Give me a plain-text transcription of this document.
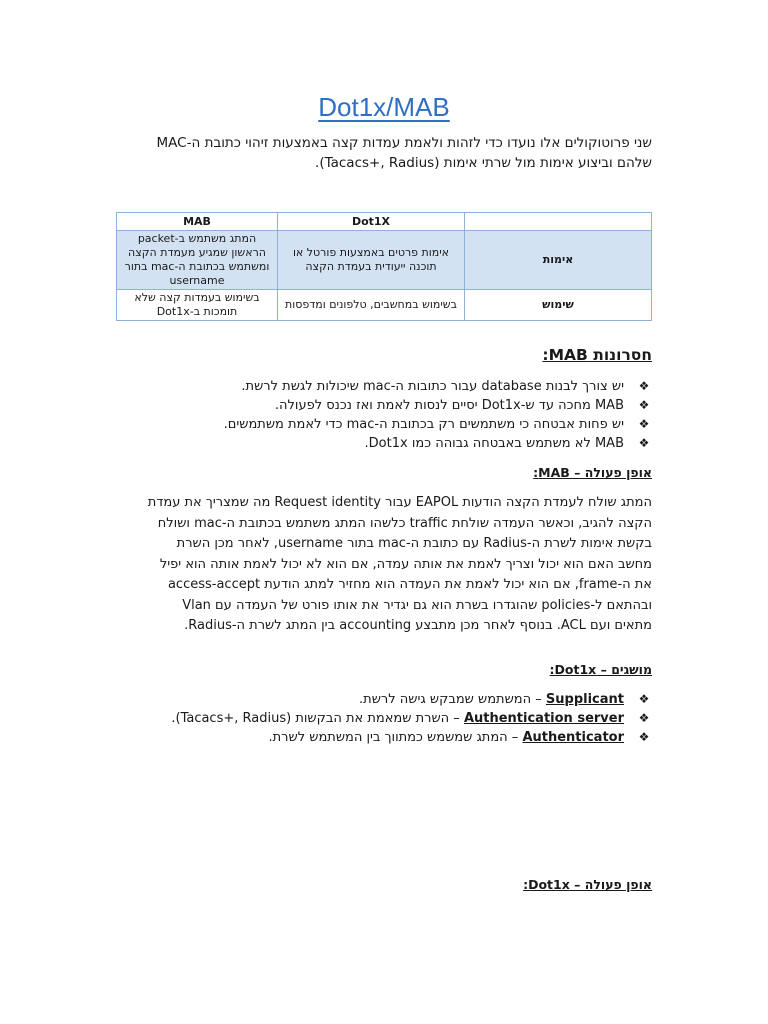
Dot1x/MAB
שני פרוטוקולים אלו נועדו כדי לזהות ולאמת עמדות קצה באמצעות זיהוי כתובת ה-MAC
שלהם וביצוע אימות מול שרתי אימות (Tacacs+, Radius).
	Dot1X	MAB
אימות	אימות פרטים באמצעות פורטל או תוכנה ייעודית בעמדת הקצה	המתג משתמש ב-packet הראשון שמגיע מעמדת הקצה ומשתמש בכתובת ה-mac בתור username
שימוש	בשימוש במחשבים, טלפונים ומדפסות	בשימוש בעמדות קצה שלא תומכות ב-Dot1x
חסרונות MAB:
❖
יש צורך לבנות database עבור כתובות ה-mac שיכולות לגשת לרשת.
❖
MAB מחכה עד ש-Dot1x יסיים לנסות לאמת ואז נכנס לפעולה.
❖
יש פחות אבטחה כי משתמשים רק בכתובת ה-mac כדי לאמת משתמשים.
❖
MAB לא משתמש באבטחה גבוהה כמו Dot1x.
אופן פעולה – MAB:
המתג שולח לעמדת הקצה הודעות EAPOL עבור Request identity מה שמצריך את עמדת
הקצה להגיב, וכאשר העמדה שולחת traffic כלשהו המתג משתמש בכתובת ה-mac ושולח
בקשת אימות לשרת ה-Radius עם כתובת ה-mac בתור username, לאחר מכן השרת
מחשב האם הוא יכול וצריך לאמת את אותה עמדה, אם הוא לא יכול לאמת אותה הוא יפיל
את ה-frame, אם הוא יכול לאמת את העמדה הוא מחזיר למתג הודעת access-accept
ובהתאם ל-policies שהוגדרו בשרת הוא גם יגדיר את אותו פורט של העמדה עם Vlan
מתאים ועם ACL. בנוסף לאחר מכן מתבצע accounting בין המתג לשרת ה-Radius.
מושגים – Dot1x:
❖
Supplicant – המשתמש שמבקש גישה לרשת.
❖
Authentication server – השרת שמאמת את הבקשות (Tacacs+, Radius).
❖
Authenticator – המתג שמשמש כמתווך בין המשתמש לשרת.
אופן פעולה – Dot1x:
